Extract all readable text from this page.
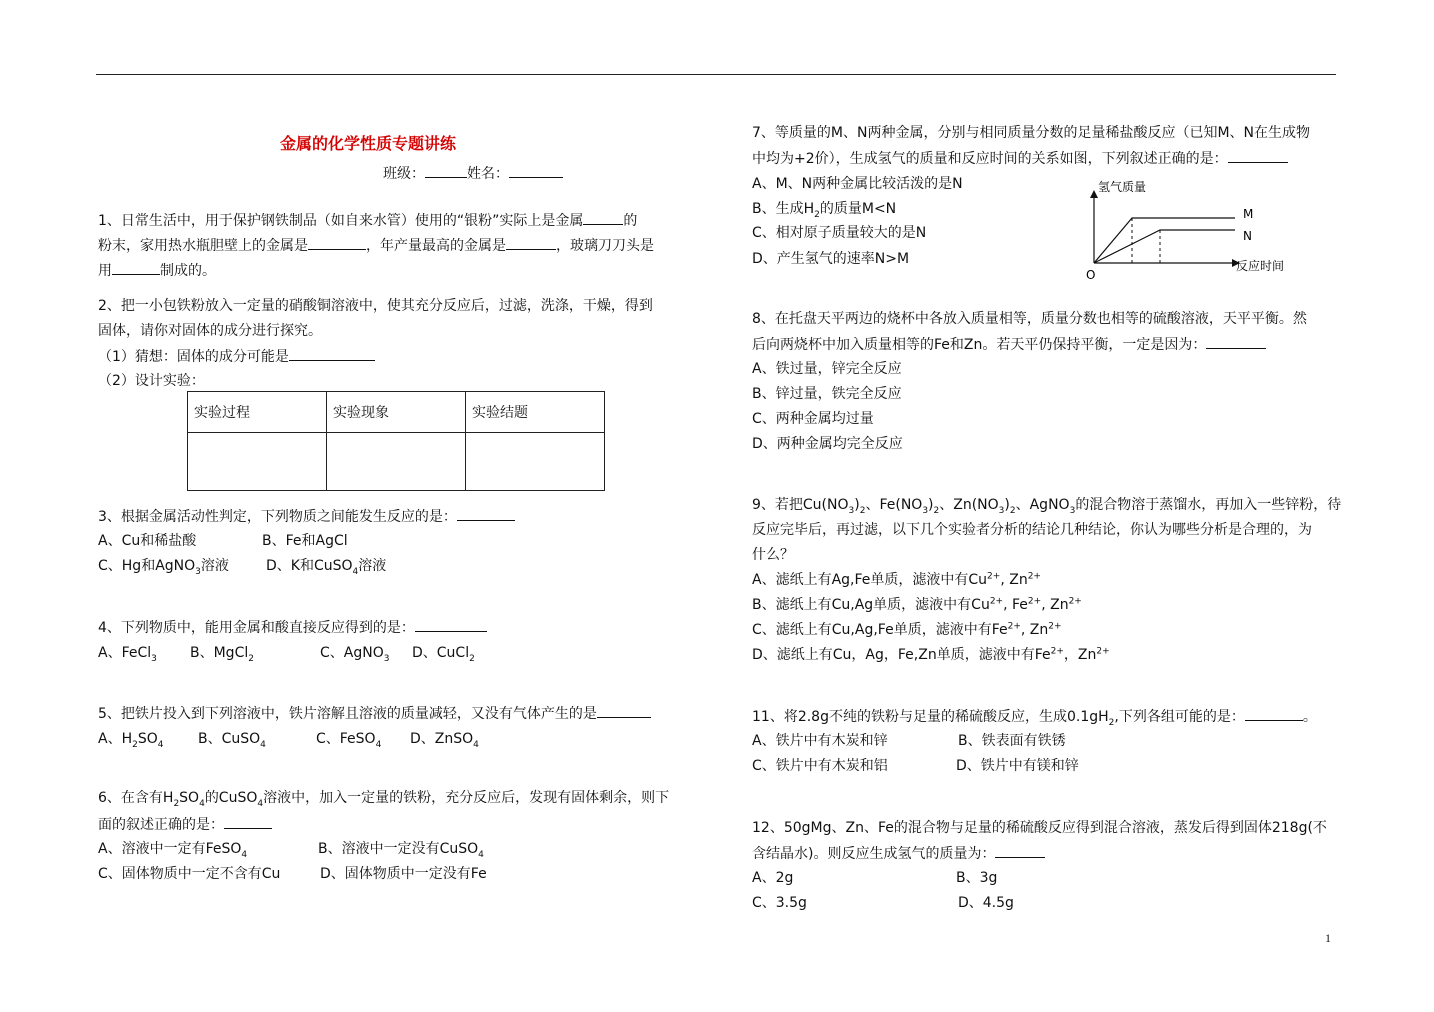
金属的化学性质专题讲练
班级：	姓名：
1、日常生活中，用于保护钢铁制品（如自来水管）使用的“银粉”实际上是金属	的
粉末，家用热水瓶胆壁上的金属是	，年产量最高的金属是	，玻璃刀刀头是
用	制成的。
2、把一小包铁粉放入一定量的硝酸铜溶液中，使其充分反应后，过滤，洗涤，干燥，得到
固体，请你对固体的成分进行探究。
（1）猜想：固体的成分可能是
（2）设计实验：
实验过程	实验现象	实验结题

3、根据金属活动性判定，下列物质之间能发生反应的是：
A、Cu和稀盐酸	B、Fe和AgCl
C、Hg和AgNO$_3$溶液	D、K和CuSO$_4$溶液
4、下列物质中，能用金属和酸直接反应得到的是：
A、FeCl$_3$ B、MgCl$_2$	C、AgNO$_3$ D、CuCl$_2$
5、把铁片投入到下列溶液中，铁片溶解且溶液的质量减轻，又没有气体产生的是
A、$H_2SO_4$ B、CuSO$_4$	C、FeSO$_4$ D、ZnSO$_4$
6、在含有$H_2SO_4$的CuSO$_4$溶液中，加入一定量的铁粉，充分反应后，发现有固体剩余，则下
面的叙述正确的是：
A、溶液中一定有FeSO$_4$	B、溶液中一定没有CuSO$_4$
C、固体物质中一定不含有Cu	D、固体物质中一定没有Fe
7、等质量的M、N两种金属，分别与相同质量分数的足量稀盐酸反应（已知M、N在生成物
中均为+2价），生成氢气的质量和反应时间的关系如图，下列叙述正确的是：
A、M、N两种金属比较活泼的是N
B、生成$H_2$的质量M<N
C、相对原子质量较大的是N
D、产生氢气的速率N>M
氢气质量
反应时间
O
M
N
8、在托盘天平两边的烧杯中各放入质量相等，质量分数也相等的硫酸溶液，天平平衡。然
后向两烧杯中加入质量相等的Fe和Zn。若天平仍保持平衡，一定是因为：
A、铁过量，锌完全反应
B、锌过量，铁完全反应
C、两种金属均过量
D、两种金属均完全反应
9、若把$Cu(NO_3)_2$、$Fe(NO_3)_2$、$Zn(NO_3)_2$、AgNO$_3$的混合物溶于蒸馏水，再加入一些锌粉，待
反应完毕后，再过滤，以下几个实验者分析的结论几种结论，你认为哪些分析是合理的，为
什么？
A、滤纸上有Ag,Fe单质，滤液中有$Cu^{2+}$, $Zn^{2+}$
B、滤纸上有Cu,Ag单质，滤液中有$Cu^{2+}$, $Fe^{2+}$, $Zn^{2+}$
C、滤纸上有Cu,Ag,Fe单质，滤液中有$Fe^{2+}$, $Zn^{2+}$
D、滤纸上有Cu，Ag，Fe,Zn单质，滤液中有$Fe^{2+}$，$Zn^{2+}$
11、将2.8g不纯的铁粉与足量的稀硫酸反应，生成$0.1gH_2$,下列各组可能的是：	。
A、铁片中有木炭和锌	B、铁表面有铁锈
C、铁片中有木炭和铝	D、铁片中有镁和锌
12、50gMg、Zn、Fe的混合物与足量的稀硫酸反应得到混合溶液，蒸发后得到固体218g(不
含结晶水)。则反应生成氢气的质量为：
A、2g	B、3g
C、3.5g	D、4.5g
1
